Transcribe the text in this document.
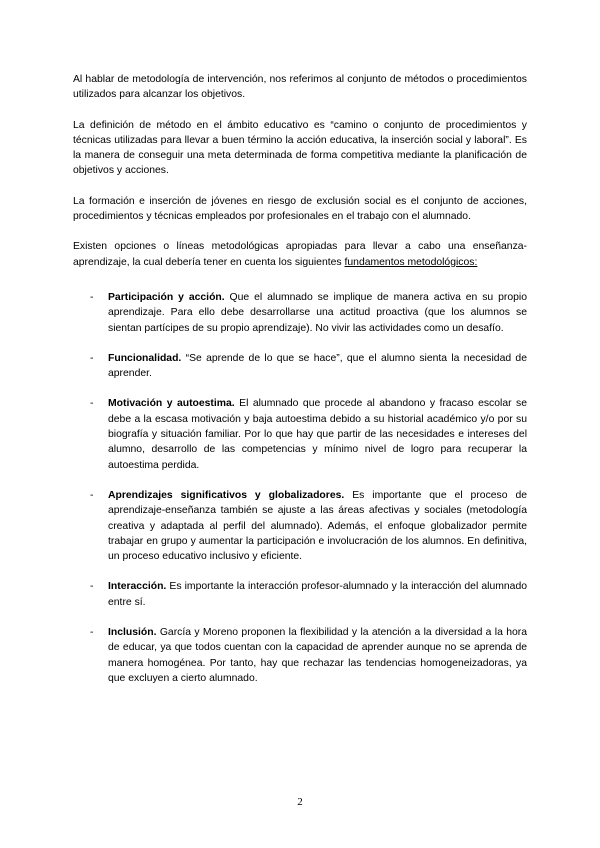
Al hablar de metodología de intervención, nos referimos al conjunto de métodos o procedimientos utilizados para alcanzar los objetivos.

La definición de método en el ámbito educativo es “camino o conjunto de procedimientos y técnicas utilizadas para llevar a buen término la acción educativa, la inserción social y laboral”. Es la manera de conseguir una meta determinada de forma competitiva mediante la planificación de objetivos y acciones.

La formación e inserción de jóvenes en riesgo de exclusión social es el conjunto de acciones, procedimientos y técnicas empleados por profesionales en el trabajo con el alumnado.

Existen opciones o líneas metodológicas apropiadas para llevar a cabo una enseñanza-aprendizaje, la cual debería tener en cuenta los siguientes fundamentos metodológicos:

- Participación y acción. Que el alumnado se implique de manera activa en su propio aprendizaje. Para ello debe desarrollarse una actitud proactiva (que los alumnos se sientan partícipes de su propio aprendizaje). No vivir las actividades como un desafío.
- Funcionalidad. “Se aprende de lo que se hace”, que el alumno sienta la necesidad de aprender.
- Motivación y autoestima. El alumnado que procede al abandono y fracaso escolar se debe a la escasa motivación y baja autoestima debido a su historial académico y/o por su biografía y situación familiar. Por lo que hay que partir de las necesidades e intereses del alumno, desarrollo de las competencias y mínimo nivel de logro para recuperar la autoestima perdida.
- Aprendizajes significativos y globalizadores. Es importante que el proceso de aprendizaje-enseñanza también se ajuste a las áreas afectivas y sociales (metodología creativa y adaptada al perfil del alumnado). Además, el enfoque globalizador permite trabajar en grupo y aumentar la participación e involucración de los alumnos. En definitiva, un proceso educativo inclusivo y eficiente.
- Interacción. Es importante la interacción profesor-alumnado y la interacción del alumnado entre sí.
- Inclusión. García y Moreno proponen la flexibilidad y la atención a la diversidad a la hora de educar, ya que todos cuentan con la capacidad de aprender aunque no se aprenda de manera homogénea. Por tanto, hay que rechazar las tendencias homogeneizadoras, ya que excluyen a cierto alumnado.
2
